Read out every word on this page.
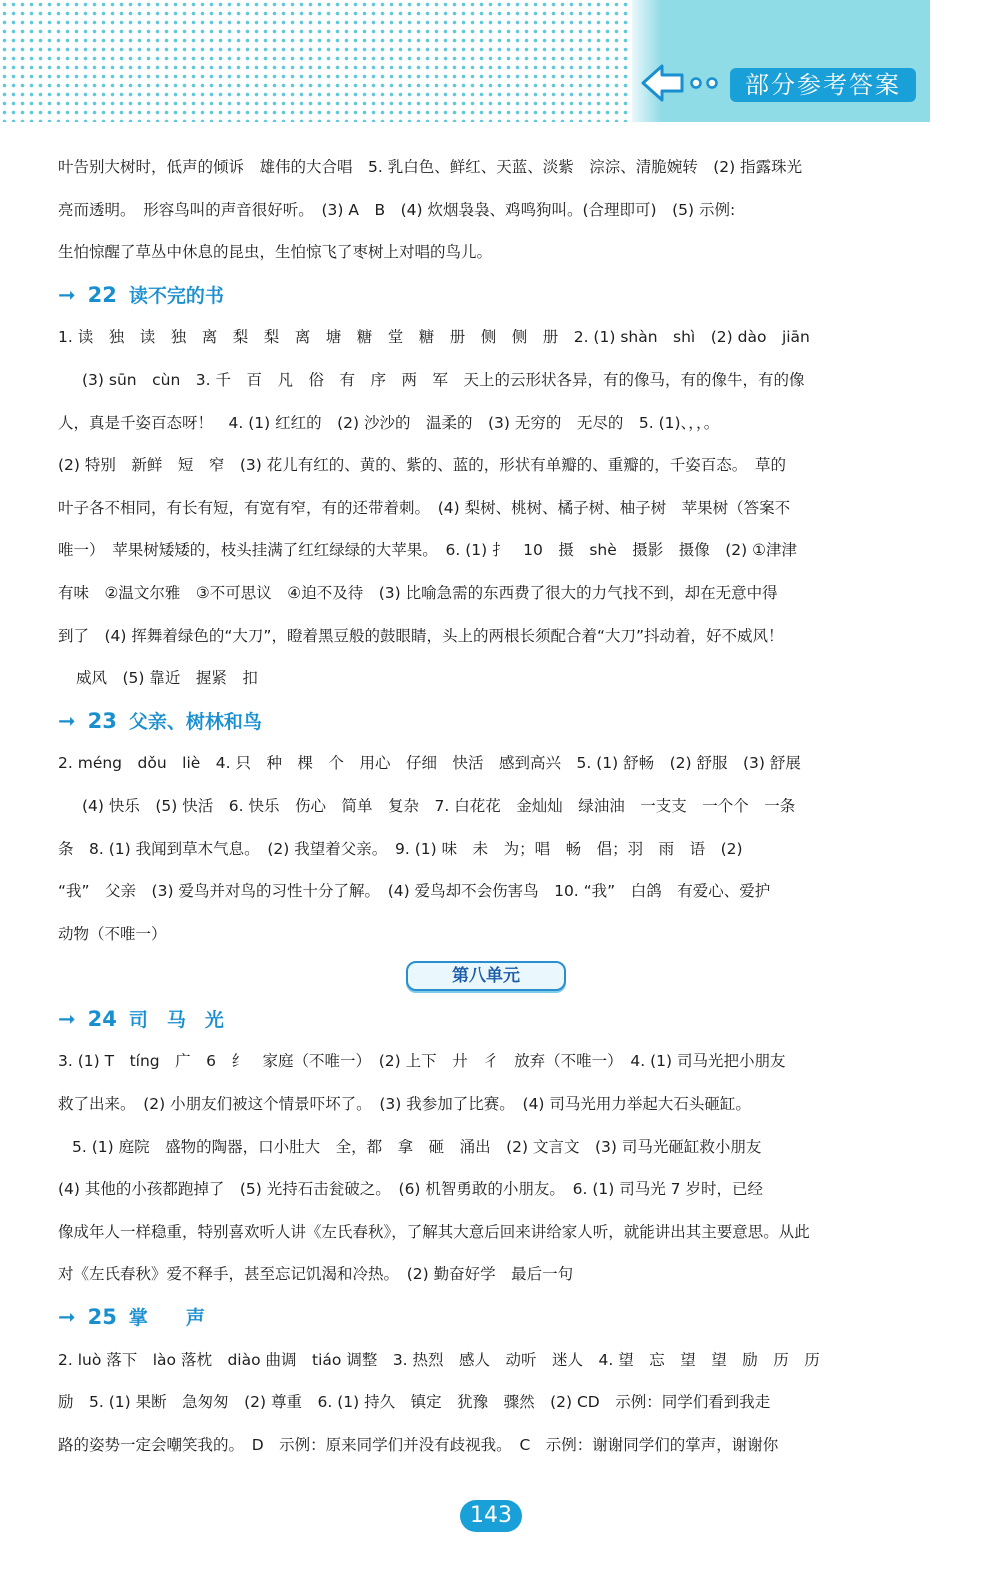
部分参考答案
叶告别大树时，低声的倾诉　雄伟的大合唱　5. 乳白色、鲜红、天蓝、淡紫　淙淙、清脆婉转　(2) 指露珠光
亮而透明。　形容鸟叫的声音很好听。　(3) A　B　(4) 炊烟袅袅、鸡鸣狗叫。(合理即可)　(5) 示例:
生怕惊醒了草丛中休息的昆虫，生怕惊飞了枣树上对唱的鸟儿。
➞ 22 读不完的书
1. 读　独　读　独　离　梨　梨　离　塘　糖　堂　糖　册　侧　侧　册　2. (1) shàn　shì　(2) dào　jiān
(3) sūn　cùn　3. 千　百　凡　俗　有　序　两　军　天上的云形状各异，有的像马，有的像牛，有的像
人，真是千姿百态呀！　4. (1) 红红的　(2) 沙沙的　温柔的　(3) 无穷的　无尽的　5. (1)、，，。
(2) 特别　新鲜　短　窄　(3) 花儿有红的、黄的、紫的、蓝的，形状有单瓣的、重瓣的，千姿百态。　草的
叶子各不相同，有长有短，有宽有窄，有的还带着刺。　(4) 梨树、桃树、橘子树、柚子树　苹果树（答案不
唯一）　苹果树矮矮的，枝头挂满了红红绿绿的大苹果。　6. (1) 扌　10　摄　shè　摄影　摄像　(2) ①津津
有味　②温文尔雅　③不可思议　④迫不及待　(3) 比喻急需的东西费了很大的力气找不到，却在无意中得
到了　(4) 挥舞着绿色的“大刀”，瞪着黑豆般的鼓眼睛，头上的两根长须配合着“大刀”抖动着，好不威风！
威风　(5) 靠近　握紧　扣
➞ 23 父亲、树林和鸟
2. méng　dǒu　liè　4. 只　种　棵　个　用心　仔细　快活　感到高兴　5. (1) 舒畅　(2) 舒服　(3) 舒展
(4) 快乐　(5) 快活　6. 快乐　伤心　简单　复杂　7. 白花花　金灿灿　绿油油　一支支　一个个　一条
条　8. (1) 我闻到草木气息。　(2) 我望着父亲。　9. (1) 味　未　为；唱　畅　倡；羽　雨　语　(2)
“我”　父亲　(3) 爱鸟并对鸟的习性十分了解。　(4) 爱鸟却不会伤害鸟　10. “我”　白鸽　有爱心、爱护
动物（不唯一）
第八单元
➞ 24 司　马　光
3. (1) T　tíng　广　6　纟　家庭（不唯一）　(2) 上下　廾　彳　放弃（不唯一）　4. (1) 司马光把小朋友
救了出来。　(2) 小朋友们被这个情景吓坏了。　(3) 我参加了比赛。　(4) 司马光用力举起大石头砸缸。
5. (1) 庭院　盛物的陶器，口小肚大　全，都　拿　砸　涌出　(2) 文言文　(3) 司马光砸缸救小朋友
(4) 其他的小孩都跑掉了　(5) 光持石击瓮破之。　(6) 机智勇敢的小朋友。　6. (1) 司马光 7 岁时，已经
像成年人一样稳重，特别喜欢听人讲《左氏春秋》，了解其大意后回来讲给家人听，就能讲出其主要意思。从此
对《左氏春秋》爱不释手，甚至忘记饥渴和冷热。　(2) 勤奋好学　最后一句
➞ 25 掌　　声
2. luò 落下　lào 落枕　diào 曲调　tiáo 调整　3. 热烈　感人　动听　迷人　4. 望　忘　望　望　励　历　历
励　5. (1) 果断　急匆匆　(2) 尊重　6. (1) 持久　镇定　犹豫　骤然　(2) CD　示例：同学们看到我走
路的姿势一定会嘲笑我的。　D　示例：原来同学们并没有歧视我。　C　示例：谢谢同学们的掌声，谢谢你
143
